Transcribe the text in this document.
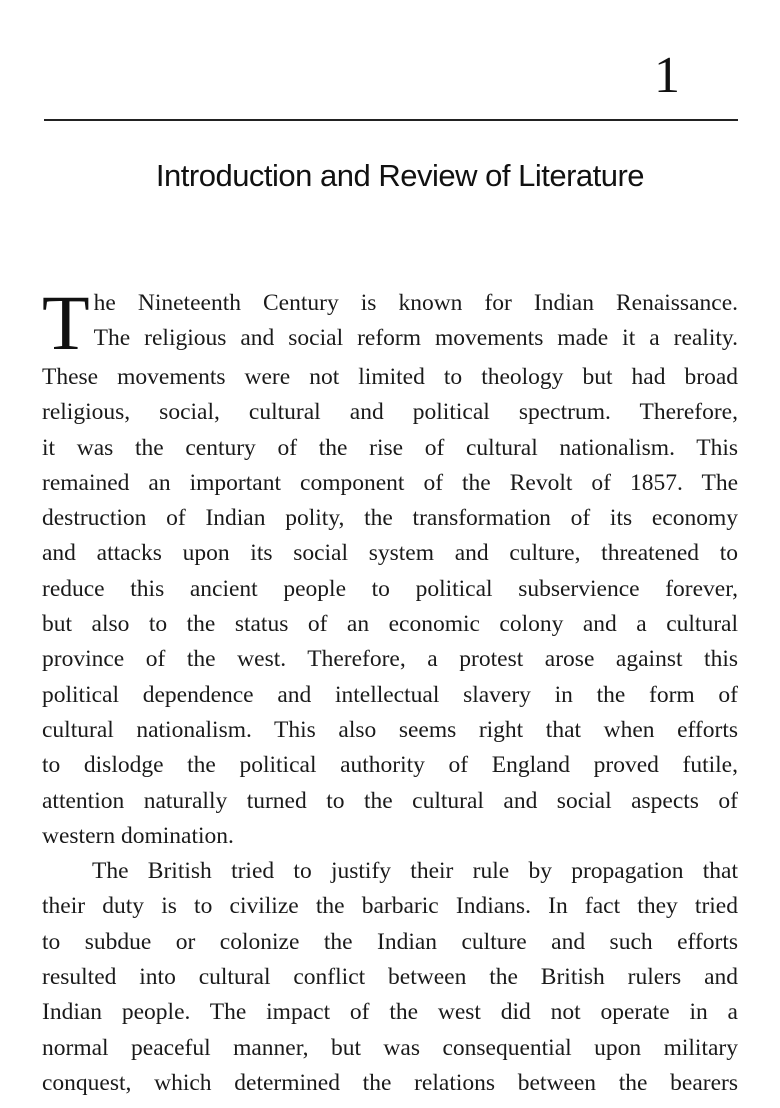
1
Introduction and Review of Literature
T he Nineteenth Century is known for Indian Renaissance.
The religious and social reform movements made it a reality.
These movements were not limited to theology but had broad
religious, social, cultural and political spectrum. Therefore,
it was the century of the rise of cultural nationalism. This
remained an important component of the Revolt of 1857. The
destruction of Indian polity, the transformation of its economy
and attacks upon its social system and culture, threatened to
reduce this ancient people to political subservience forever,
but also to the status of an economic colony and a cultural
province of the west. Therefore, a protest arose against this
political dependence and intellectual slavery in the form of
cultural nationalism. This also seems right that when efforts
to dislodge the political authority of England proved futile,
attention naturally turned to the cultural and social aspects of
western domination.
The British tried to justify their rule by propagation that
their duty is to civilize the barbaric Indians. In fact they tried
to subdue or colonize the Indian culture and such efforts
resulted into cultural conflict between the British rulers and
Indian people. The impact of the west did not operate in a
normal peaceful manner, but was consequential upon military
conquest, which determined the relations between the bearers
